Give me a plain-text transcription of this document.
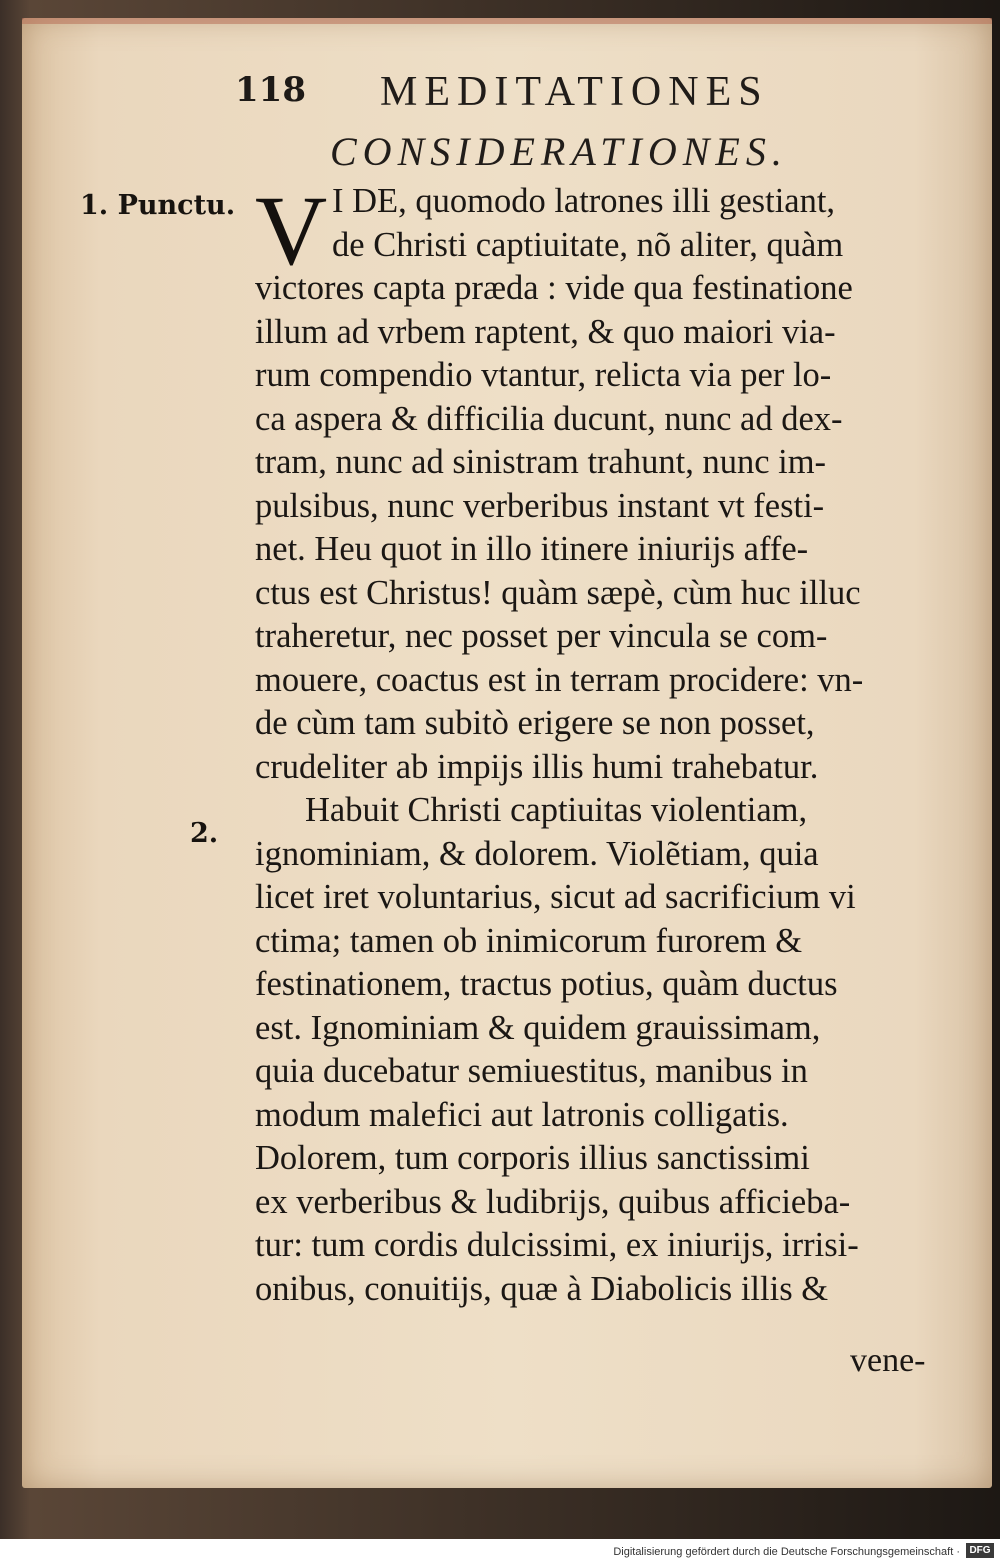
118 MEDITATIONES
CONSIDERATIONES.
1. Punctu.
2.
V I DE, quomodo latrones illi gestiant,
de Christi captiuitate, nõ aliter, quàm
victores capta præda : vide qua festinatione
illum ad vrbem raptent, & quo maiori via-
rum compendio vtantur, relicta via per lo-
ca aspera & difficilia ducunt, nunc ad dex-
tram, nunc ad sinistram trahunt, nunc im-
pulsibus, nunc verberibus instant vt festi-
net. Heu quot in illo itinere iniurijs affe-
ctus est Christus! quàm sæpè, cùm huc illuc
traheretur, nec posset per vincula se com-
mouere, coactus est in terram procidere: vn-
de cùm tam subitò erigere se non posset,
crudeliter ab impijs illis humi trahebatur.
Habuit Christi captiuitas violentiam,
ignominiam, & dolorem. Violẽtiam, quia
licet iret voluntarius, sicut ad sacrificium vi
ctima; tamen ob inimicorum furorem &
festinationem, tractus potius, quàm ductus
est. Ignominiam & quidem grauissimam,
quia ducebatur semiuestitus, manibus in
modum malefici aut latronis colligatis.
Dolorem, tum corporis illius sanctissimi
ex verberibus & ludibrijs, quibus afficieba-
tur: tum cordis dulcissimi, ex iniurijs, irrisi-
onibus, conuitijs, quæ à Diabolicis illis &
vene-
Digitalisierung gefördert durch die Deutsche Forschungsgemeinschaft · DFG
